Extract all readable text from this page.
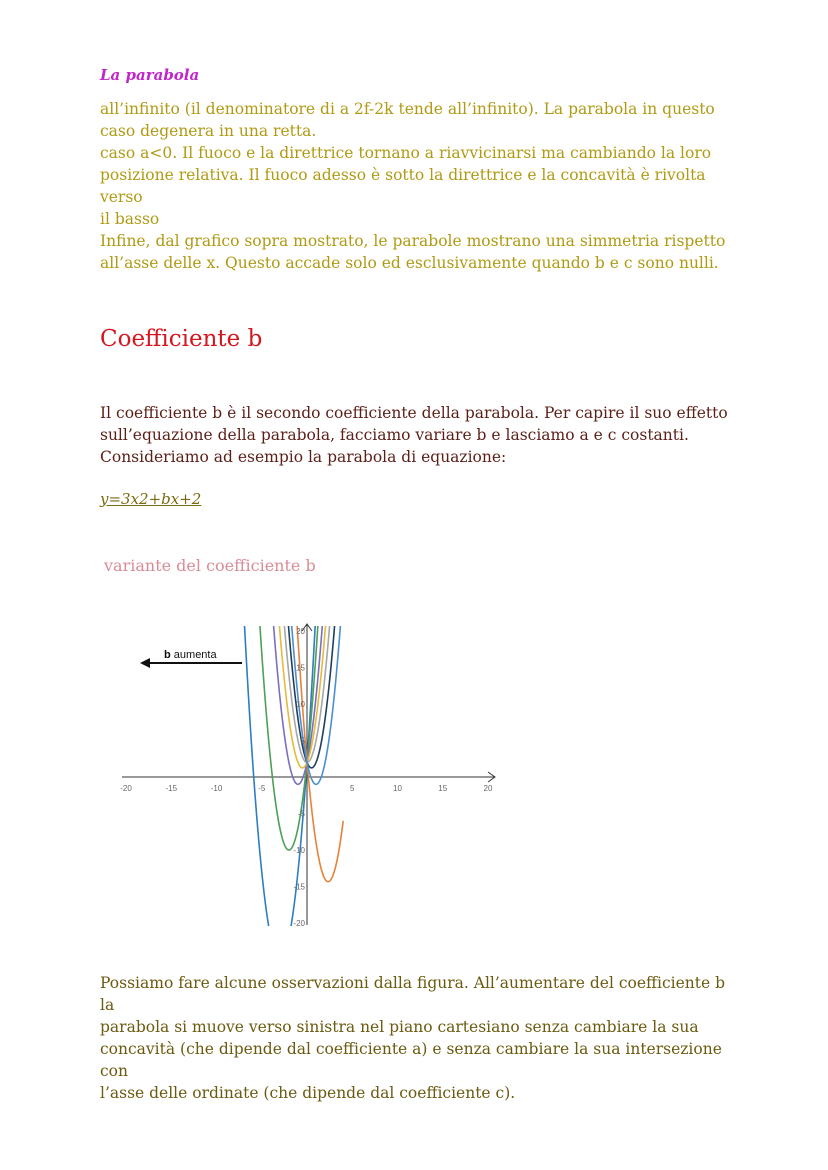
La parabola
all’infinito (il denominatore di a 2f-2k tende all’infinito). La parabola in questo
caso degenera in una retta.
caso a<0. Il fuoco e la direttrice tornano a riavvicinarsi ma cambiando la loro
posizione relativa. Il fuoco adesso è sotto la direttrice e la concavità è rivolta verso
il basso
Infine, dal grafico sopra mostrato, le parabole mostrano una simmetria rispetto
all’asse delle x. Questo accade solo ed esclusivamente quando b e c sono nulli.
Coefficiente b
Il coefficiente b è il secondo coefficiente della parabola. Per capire il suo effetto
sull’equazione della parabola, facciamo variare b e lasciamo a e c costanti.
Consideriamo ad esempio la parabola di equazione:
y=3x2+bx+2
variante del coefficiente b
-20	-15	-10	-5	5	10	15	20
-20
-15
-10
-5
5
10
15
20
b aumenta
Possiamo fare alcune osservazioni dalla figura. All’aumentare del coefficiente b la
parabola si muove verso sinistra nel piano cartesiano senza cambiare la sua
concavità (che dipende dal coefficiente a) e senza cambiare la sua intersezione con
l’asse delle ordinate (che dipende dal coefficiente c).
